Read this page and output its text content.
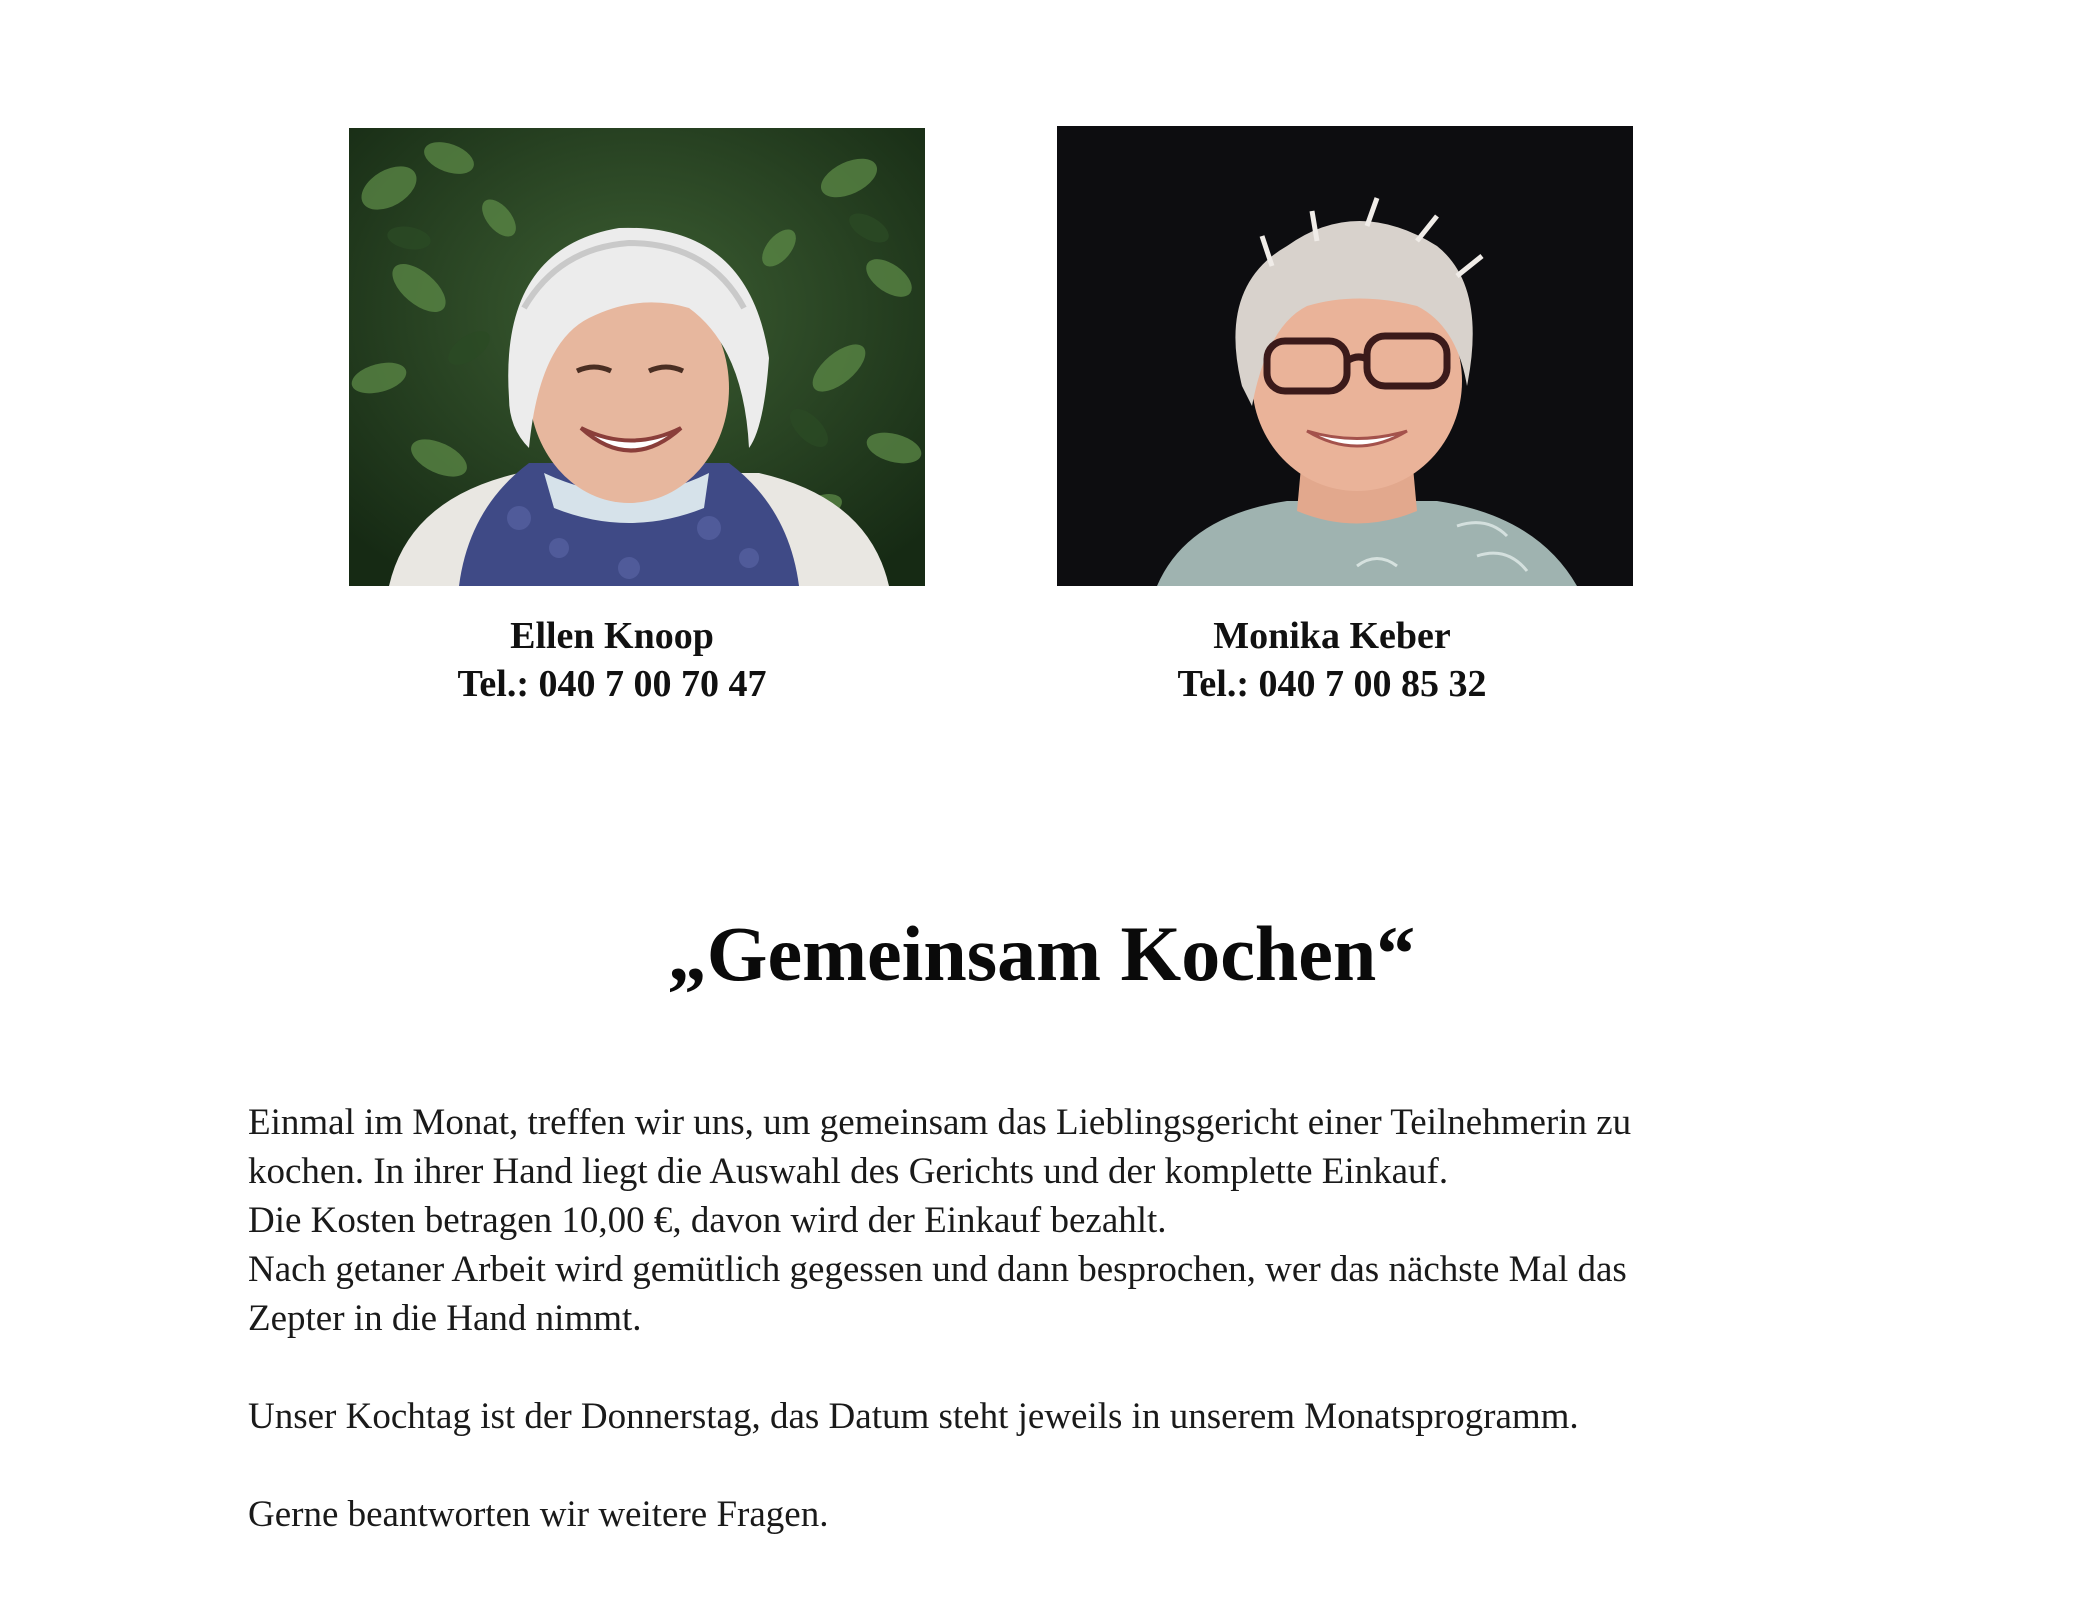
Ellen Knoop
Tel.: 040 7 00 70 47
Monika Keber
Tel.: 040 7 00 85 32
„Gemeinsam Kochen“

Einmal im Monat, treffen wir uns, um gemeinsam das Lieblingsgericht einer Teilnehmerin zu

kochen. In ihrer Hand liegt die Auswahl des Gerichts und der komplette Einkauf.

Die Kosten betragen 10,00 €, davon wird der Einkauf bezahlt.

Nach getaner Arbeit wird gemütlich gegessen und dann besprochen, wer das nächste Mal das

Zepter in die Hand nimmt.

Unser Kochtag ist der Donnerstag, das Datum steht jeweils in unserem Monatsprogramm.

Gerne beantworten wir weitere Fragen.
